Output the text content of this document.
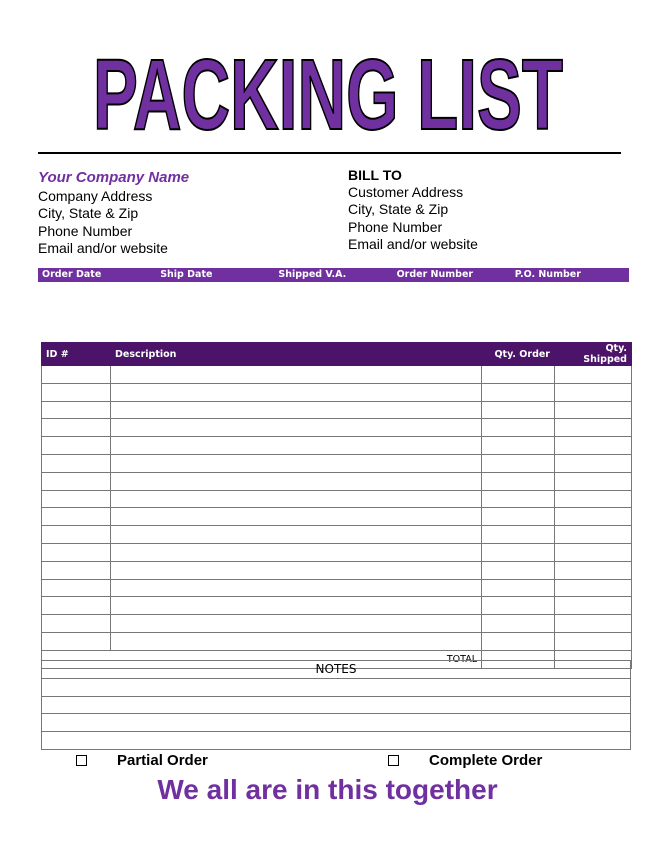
PACKING LIST
Your Company Name
Company Address
City, State & Zip
Phone Number
Email and/or website
BILL TO
Customer Address
City, State & Zip
Phone Number
Email and/or website
Order Date	Ship Date	Shipped V.A.	Order Number	P.O. Number
ID #	Description	Qty. Order	Qty. Shipped

TOTAL			
NOTES

Partial Order	Complete Order
We all are in this together
